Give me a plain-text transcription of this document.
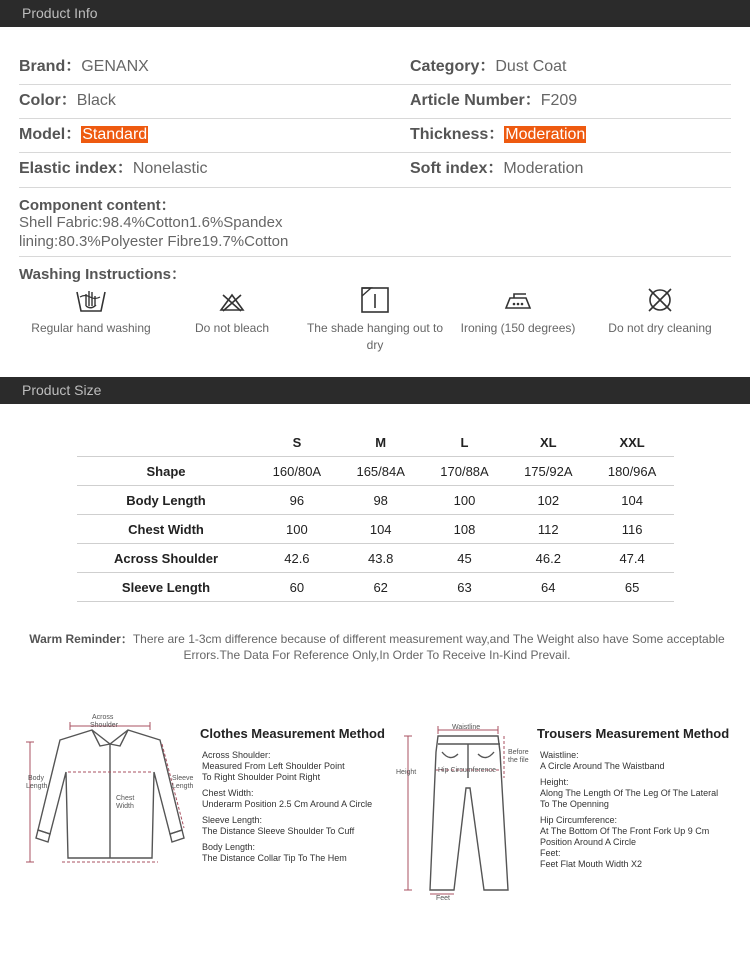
Product Info
Brand：GENANX	Category：Dust Coat
Color：Black	Article Number：F209
Model：Standard	Thickness：Moderation
Elastic index：Nonelastic	Soft index：Moderation
Component content：
Shell Fabric:98.4%Cotton1.6%Spandex
lining:80.3%Polyester Fibre19.7%Cotton
Washing Instructions：
Regular hand washing	Do not bleach	The shade hanging out to dry
Ironing (150 degrees)	Do not dry cleaning
Product Size
	S	M	L	XL	XXL
Shape	160/80A	165/84A	170/88A	175/92A	180/96A
Body Length	96	98	100	102	104
Chest Width	100	104	108	112	116
Across Shoulder	42.6	43.8	45	46.2	47.4
Sleeve Length	60	62	63	64	65
Warm Reminder：There are 1-3cm difference because of different measurement way,and The Weight also have Some acceptable Errors.The Data For Reference Only,In Order To Receive In-Kind Prevail.
Across
Shoulder
Body
Length
Chest
Width
Sleeve
Length
Clothes Measurement Method
Across Shoulder:
Measured From Left Shoulder Point
To Right Shoulder Point Right
Chest Width:
Underarm Position 2.5 Cm Around A Circle
Sleeve Length:
The Distance Sleeve Shoulder To Cuff
Body Length:
The Distance Collar Tip To The Hem
Waistline
Before
the file
Height	Hip Circumference
Feet
Trousers Measurement Method
Waistline:
A Circle Around The Waistband
Height:
Along The Length Of The Leg Of The Lateral
To The Openning
Hip Circumference:
At The Bottom Of The Front Fork Up 9 Cm
Position Around A Circle
Feet:
Feet Flat Mouth Width X2
